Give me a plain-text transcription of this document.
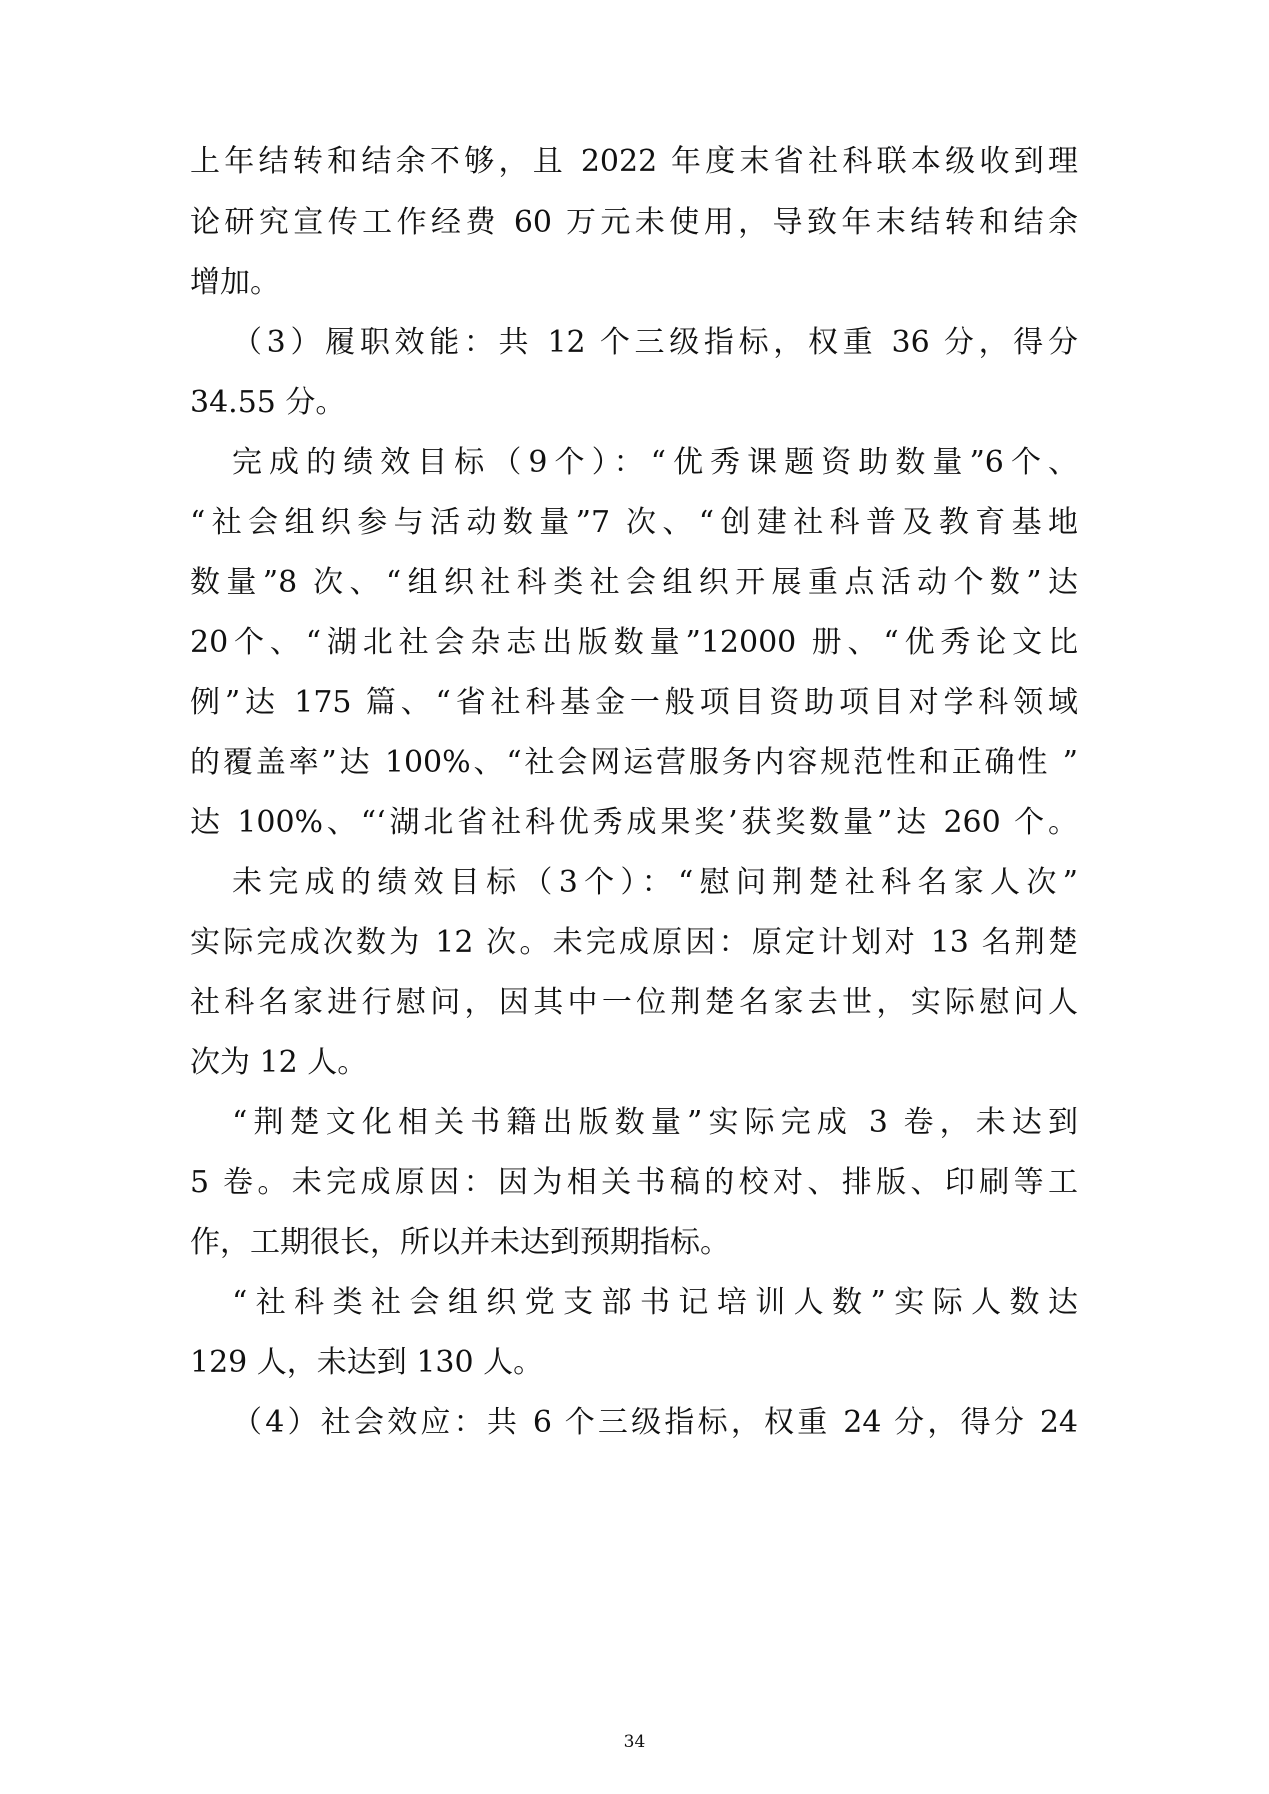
上年结转和结余不够，且 2022 年度末省社科联本级收到理
论研究宣传工作经费 60 万元未使用，导致年末结转和结余
增加。
（3）履职效能：共 12 个三级指标，权重 36 分，得分
34.55 分。
完成的绩效目标（9个）：“优秀课题资助数量”6个、
“社会组织参与活动数量”7 次、“创建社科普及教育基地
数量”8 次、“组织社科类社会组织开展重点活动个数”达
20个、“湖北社会杂志出版数量”12000 册、“优秀论文比
例”达 175 篇、“省社科基金一般项目资助项目对学科领域
的覆盖率”达 100%、“社会网运营服务内容规范性和正确性 ”
达 100%、“‘湖北省社科优秀成果奖’获奖数量”达 260 个。
未完成的绩效目标（3个）：“慰问荆楚社科名家人次”
实际完成次数为 12 次。未完成原因：原定计划对 13 名荆楚
社科名家进行慰问，因其中一位荆楚名家去世，实际慰问人
次为 12 人。
“荆楚文化相关书籍出版数量”实际完成 3 卷，未达到
5 卷。未完成原因：因为相关书稿的校对、排版、印刷等工
作，工期很长，所以并未达到预期指标。
“社科类社会组织党支部书记培训人数”实际人数达
129 人，未达到 130 人。
（4）社会效应：共 6 个三级指标，权重 24 分，得分 24
34
